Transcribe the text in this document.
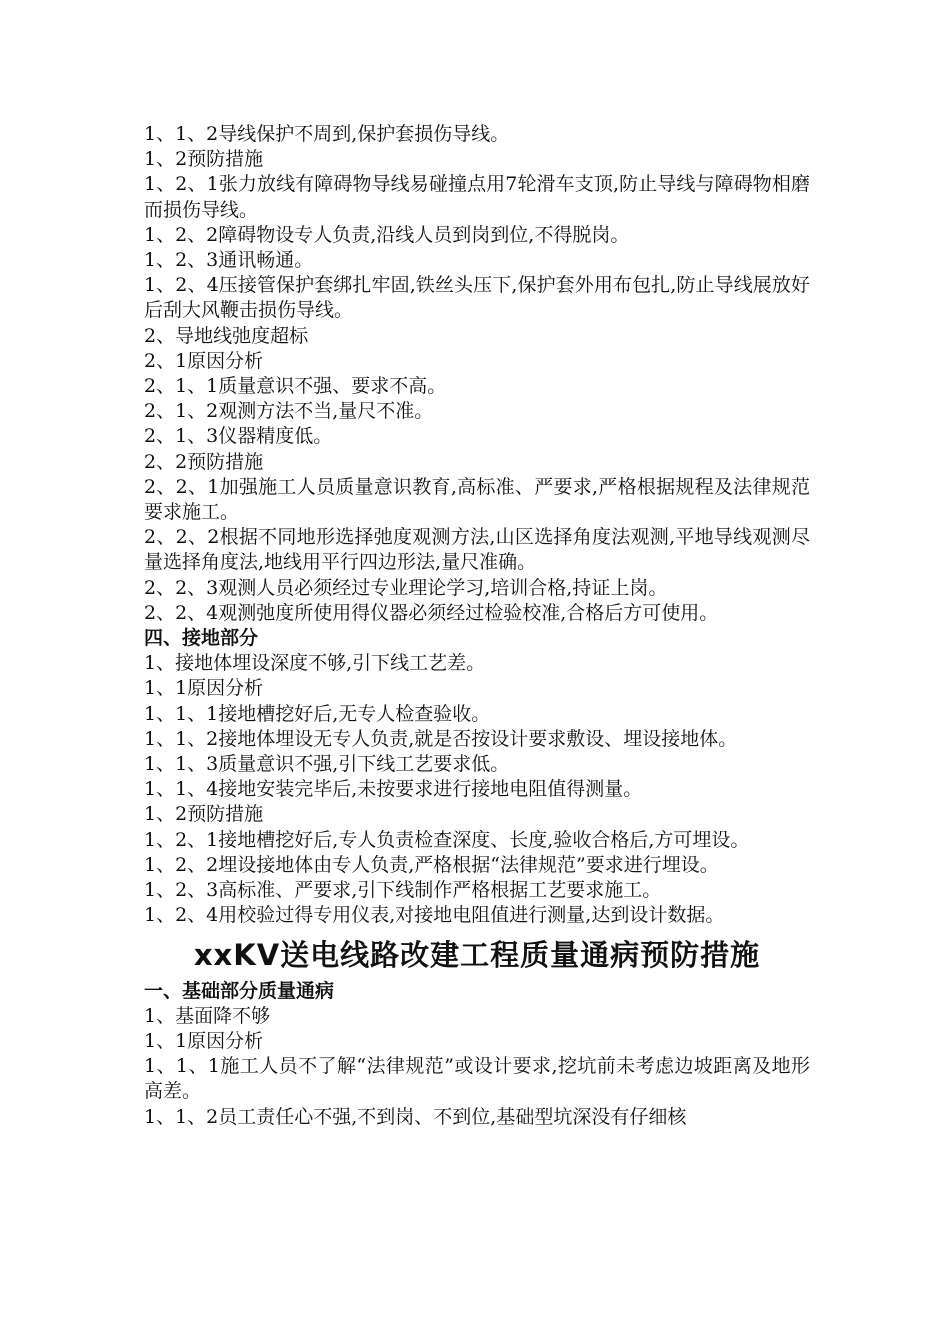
1、1、2导线保护不周到,保护套损伤导线。

1、2预防措施

1、2、1张力放线有障碍物导线易碰撞点用7轮滑车支顶,防止导线与障碍物相磨而损伤导线。

1、2、2障碍物设专人负责,沿线人员到岗到位,不得脱岗。

1、2、3通讯畅通。

1、2、4压接管保护套绑扎牢固,铁丝头压下,保护套外用布包扎,防止导线展放好后刮大风鞭击损伤导线。

2、导地线弛度超标

2、1原因分析

2、1、1质量意识不强、要求不高。

2、1、2观测方法不当,量尺不准。

2、1、3仪器精度低。

2、2预防措施

2、2、1加强施工人员质量意识教育,高标准、严要求,严格根据规程及法律规范要求施工。

2、2、2根据不同地形选择弛度观测方法,山区选择角度法观测,平地导线观测尽量选择角度法,地线用平行四边形法,量尺准确。

2、2、3观测人员必须经过专业理论学习,培训合格,持证上岗。

2、2、4观测弛度所使用得仪器必须经过检验校准,合格后方可使用。

四、接地部分

1、接地体埋设深度不够,引下线工艺差。

1、1原因分析

1、1、1接地槽挖好后,无专人检查验收。

1、1、2接地体埋设无专人负责,就是否按设计要求敷设、埋设接地体。

1、1、3质量意识不强,引下线工艺要求低。

1、1、4接地安装完毕后,未按要求进行接地电阻值得测量。

1、2预防措施

1、2、1接地槽挖好后,专人负责检查深度、长度,验收合格后,方可埋设。

1、2、2埋设接地体由专人负责,严格根据“法律规范”要求进行埋设。

1、2、3高标准、严要求,引下线制作严格根据工艺要求施工。

1、2、4用校验过得专用仪表,对接地电阻值进行测量,达到设计数据。

xxKV送电线路改建工程质量通病预防措施

一、基础部分质量通病

1、基面降不够

1、1原因分析

1、1、1施工人员不了解“法律规范”或设计要求,挖坑前未考虑边坡距离及地形高差。

1、1、2员工责任心不强,不到岗、不到位,基础型坑深没有仔细核
